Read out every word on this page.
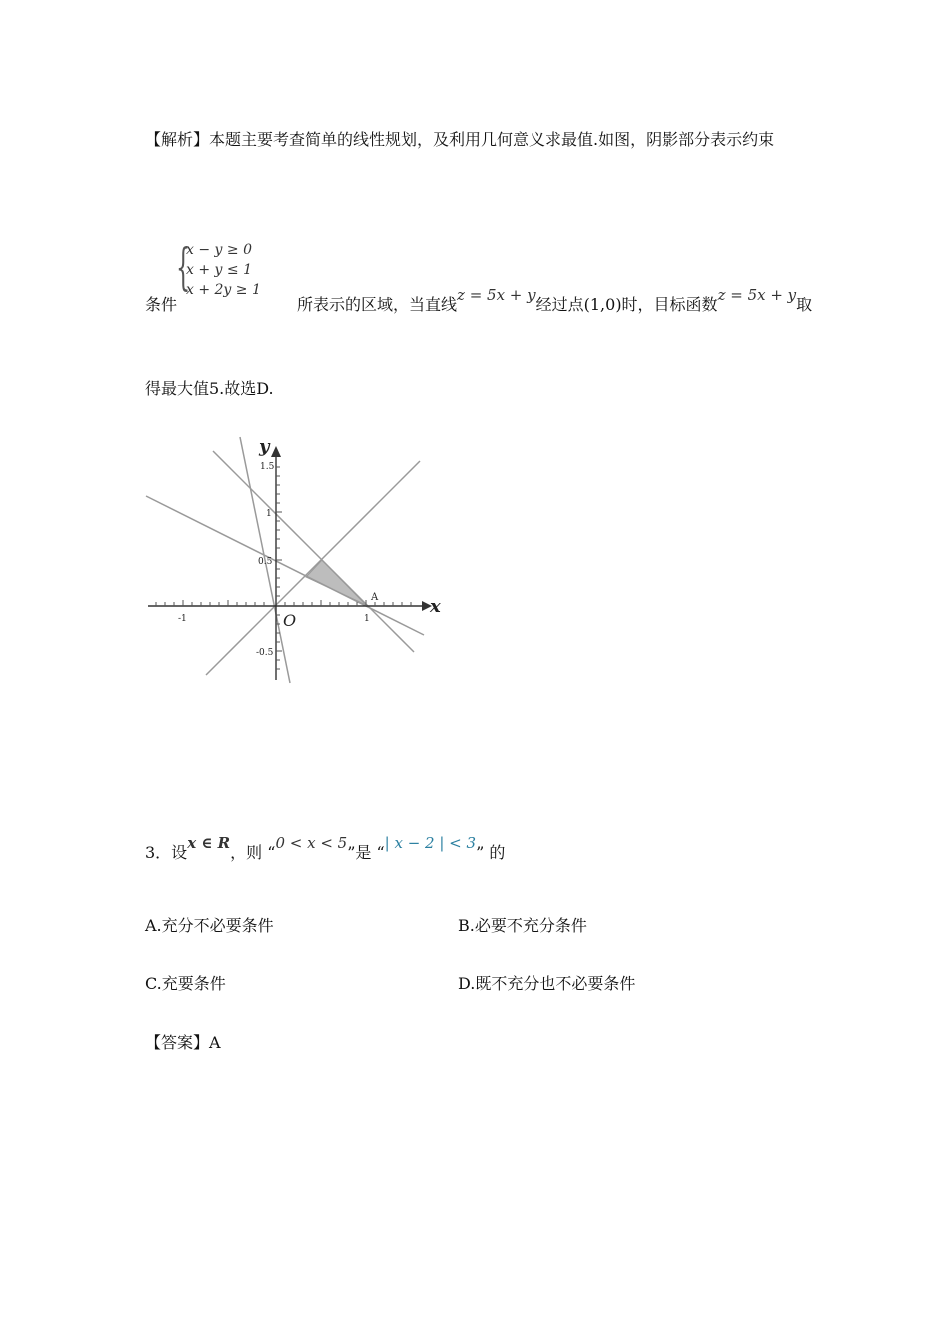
【解析】本题主要考查简单的线性规划，及利用几何意义求最值.如图，阴影部分表示约束
{
x − y ≥ 0
x + y ≤ 1
x + 2y ≥ 1
条件	所表示的区域，当直线z = 5x + y经过点(1,0)时，目标函数z = 5x + y取
得最大值5.故选D.
y
x
O
A
1.5
1
0.5
-0.5
-1	1
3．设x ∈ R，则 “0 < x < 5”是 “| x − 2 | < 3” 的
A.充分不必要条件	B.必要不充分条件
C.充要条件	D.既不充分也不必要条件
【答案】A
